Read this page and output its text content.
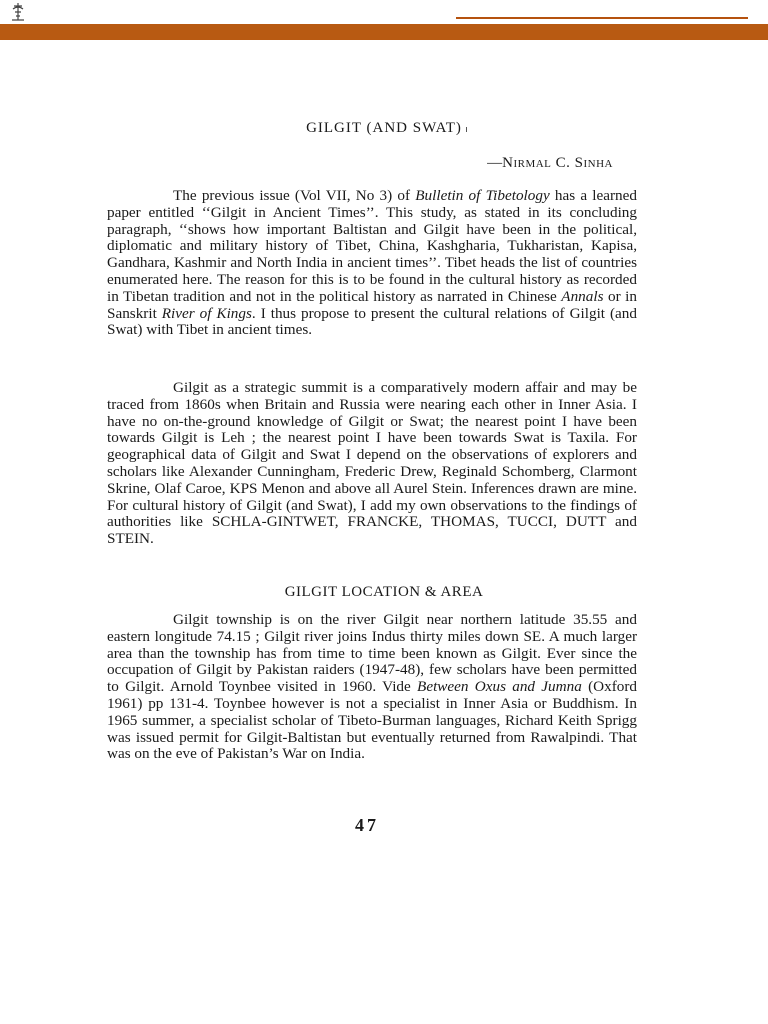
GILGIT (AND SWAT)
—Nirmal C. Sinha

The previous issue (Vol VII, No 3) of Bulletin of Tibetology has a learned paper entitled ‘‘Gilgit in Ancient Times’’. This study, as stated in its concluding paragraph, ‘‘shows how important Baltistan and Gilgit have been in the political, diplomatic and military history of Tibet, China, Kashgharia, Tukharistan, Kapisa, Gandhara, Kashmir and North India in ancient times’’. Tibet heads the list of countries enumerated here. The reason for this is to be found in the cultural history as recorded in Tibetan tradition and not in the political history as narrated in Chinese Annals or in Sanskrit River of Kings. I thus propose to present the cultural relations of Gilgit (and Swat) with Tibet in ancient times.

Gilgit as a strategic summit is a comparatively modern affair and may be traced from 1860s when Britain and Russia were nearing each other in Inner Asia. I have no on-the-ground knowledge of Gilgit or Swat; the nearest point I have been towards Gilgit is Leh ; the nearest point I have been towards Swat is Taxila. For geographical data of Gilgit and Swat I depend on the observations of explorers and scholars like Alexander Cunningham, Frederic Drew, Reginald Schomberg, Clarmont Skrine, Olaf Caroe, KPS Menon and above all Aurel Stein. Inferences drawn are mine. For cultural history of Gilgit (and Swat), I add my own observations to the findings of authorities like SCHLA-GINTWET, FRANCKE, THOMAS, TUCCI, DUTT and STEIN.

GILGIT LOCATION & AREA

Gilgit township is on the river Gilgit near northern latitude 35.55 and eastern longitude 74.15 ; Gilgit river joins Indus thirty miles down SE. A much larger area than the township has from time to time been known as Gilgit. Ever since the occupation of Gilgit by Pakistan raiders (1947-48), few scholars have been permitted to Gilgit. Arnold Toynbee visited in 1960. Vide Between Oxus and Jumna (Oxford 1961) pp 131-4. Toynbee however is not a specialist in Inner Asia or Buddhism. In 1965 summer, a specialist scholar of Tibeto-Burman languages, Richard Keith Sprigg was issued permit for Gilgit-Baltistan but eventually returned from Rawalpindi. That was on the eve of Pakistan’s War on India.

47
